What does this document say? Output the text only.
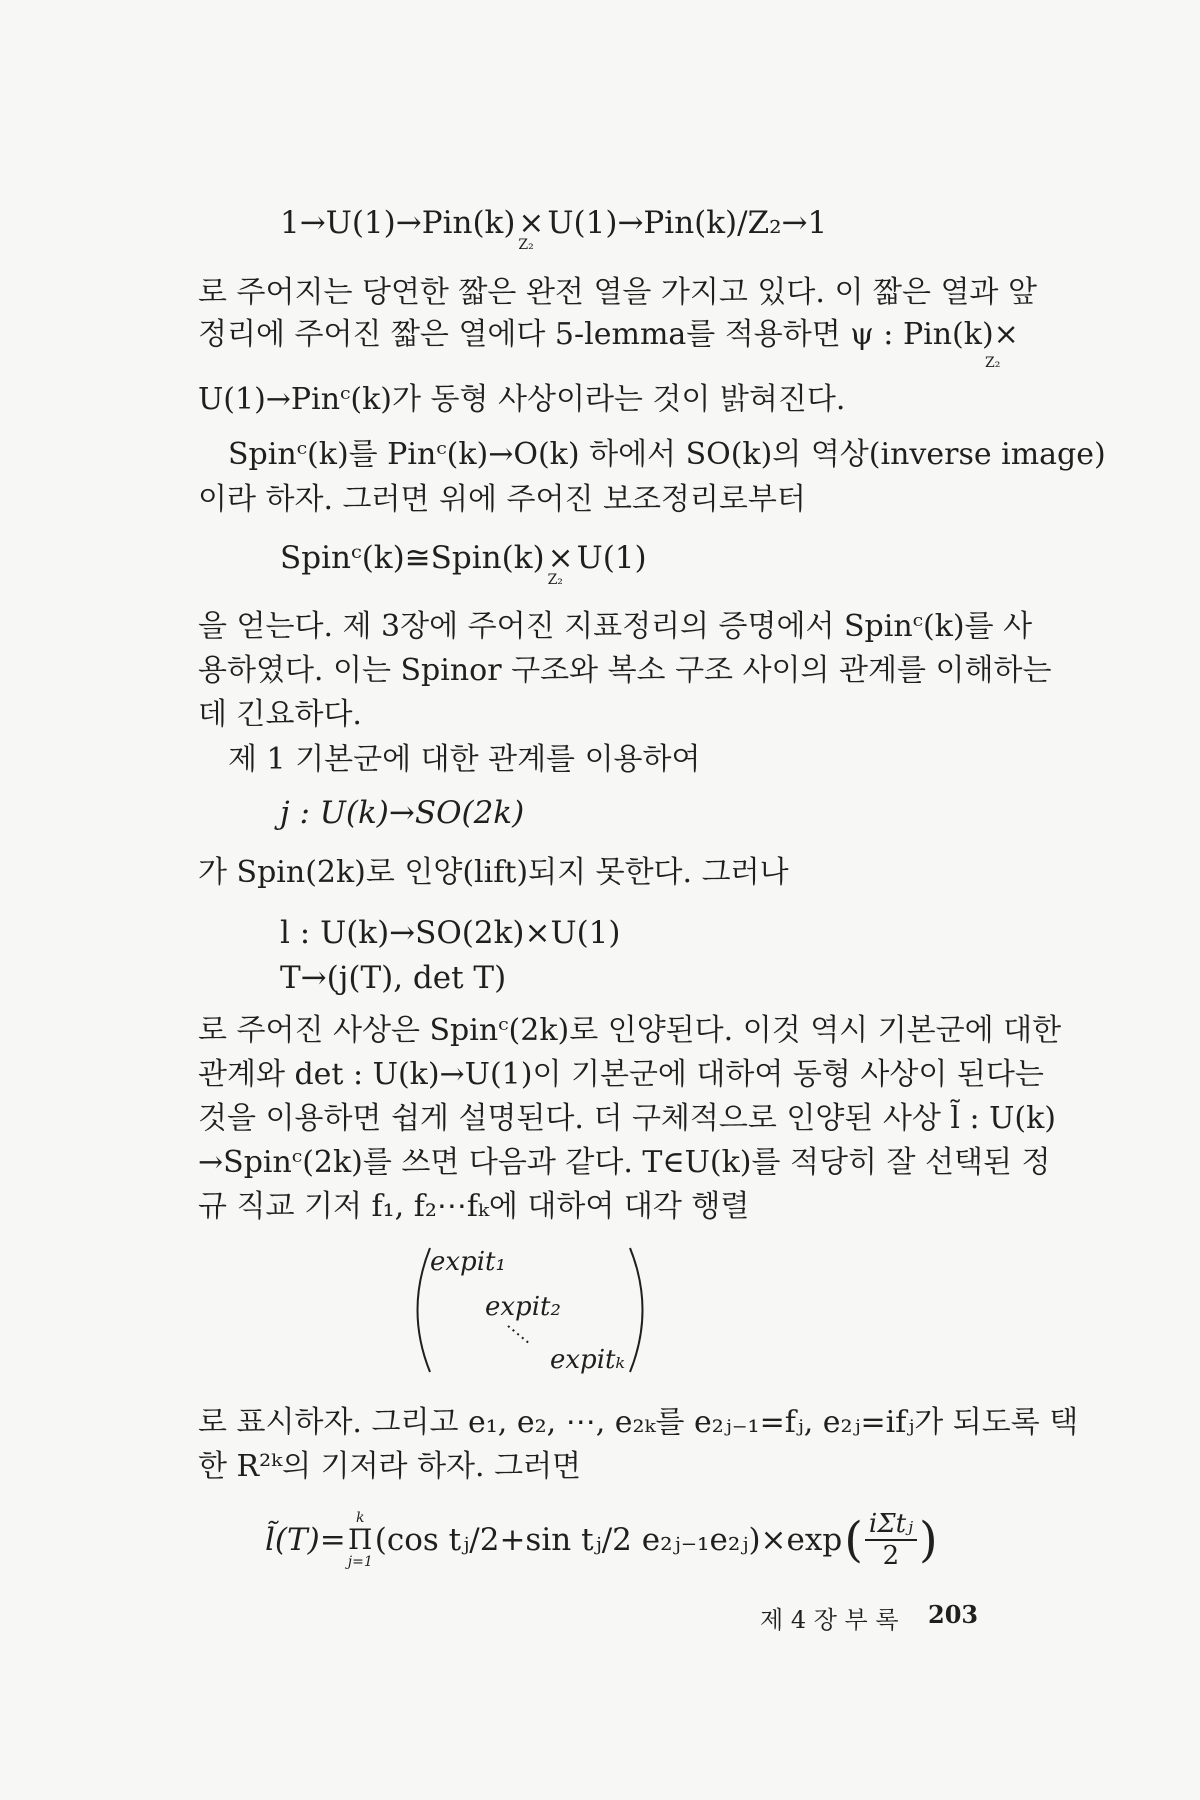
1→U(1)→Pin(k)×
Z₂
U(1)→Pin(k)/Z₂→1
로 주어지는 당연한 짧은 완전 열을 가지고 있다. 이 짧은 열과 앞
정리에 주어진 짧은 열에다 5-lemma를 적용하면 ψ : Pin(k)×
Z₂
U(1)→Pinᶜ(k)가 동형 사상이라는 것이 밝혀진다.
Spinᶜ(k)를 Pinᶜ(k)→O(k) 하에서 SO(k)의 역상(inverse image)
이라 하자. 그러면 위에 주어진 보조정리로부터
Spinᶜ(k)≅Spin(k)×
Z₂
U(1)
을 얻는다. 제 3장에 주어진 지표정리의 증명에서 Spinᶜ(k)를 사
용하였다. 이는 Spinor 구조와 복소 구조 사이의 관계를 이해하는
데 긴요하다.
제 1 기본군에 대한 관계를 이용하여
j : U(k)→SO(2k)
가 Spin(2k)로 인양(lift)되지 못한다. 그러나
l : U(k)→SO(2k)×U(1)
T→(j(T), det T)
로 주어진 사상은 Spinᶜ(2k)로 인양된다. 이것 역시 기본군에 대한
관계와 det : U(k)→U(1)이 기본군에 대하여 동형 사상이 된다는
것을 이용하면 쉽게 설명된다. 더 구체적으로 인양된 사상 l̃ : U(k)
→Spinᶜ(2k)를 쓰면 다음과 같다. T∈U(k)를 적당히 잘 선택된 정
규 직교 기저 f₁, f₂⋯fₖ에 대하여 대각 행렬
expit₁
expit₂
expitₖ
로 표시하자. 그리고 e₁, e₂, ⋯, e₂ₖ를 e₂ⱼ₋₁=fⱼ, e₂ⱼ=ifⱼ가 되도록 택
한 R²ᵏ의 기저라 하자. 그러면
l̃(T)=
k
Π
j=1
(cos tⱼ/2+sin tⱼ/2 e₂ⱼ₋₁e₂ⱼ)×exp ( iΣtⱼ
2 )
제 4 장 부 록 203
